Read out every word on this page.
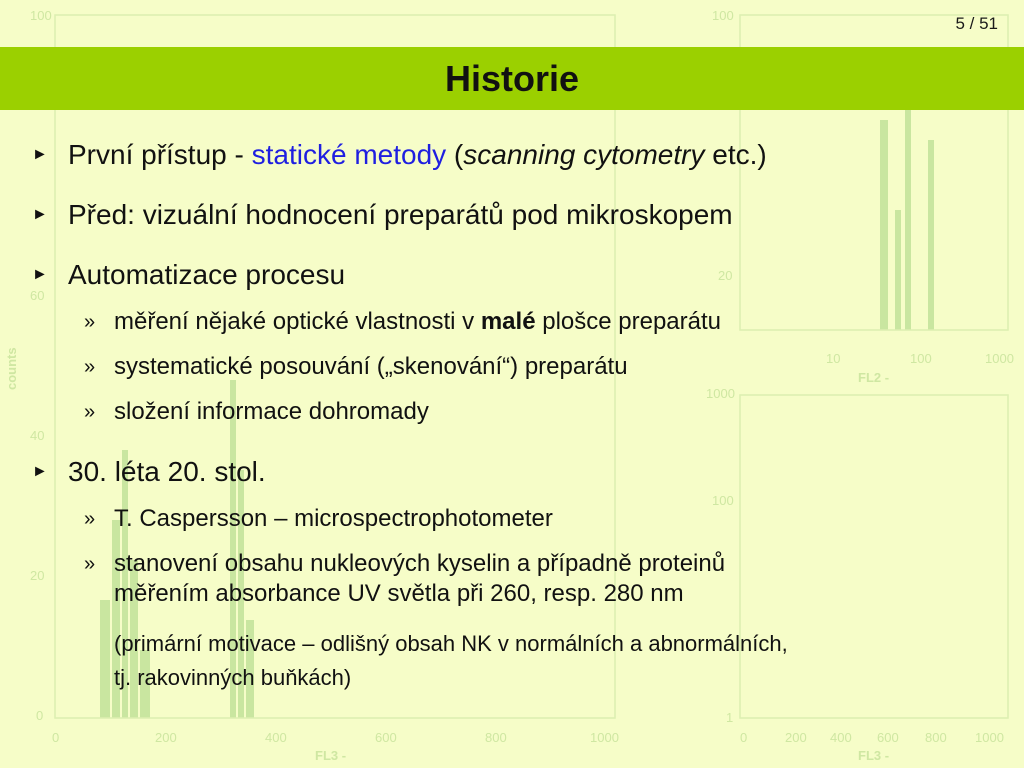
100
60
40
20
0
0	200	400	600	800	1000
FL3 -
counts
100
20
10	100	1000
FL2 -
1000
100
1
0	200 400 600 800 1000
FL3 -
5 / 51
Historie
► První přístup - statické metody (scanning cytometry etc.)
► Před: vizuální hodnocení preparátů pod mikroskopem
► Automatizace procesu
» měření nějaké optické vlastnosti v malé plošce preparátu
» systematické posouvání („skenování“) preparátu
» složení informace dohromady
► 30. léta 20. stol.
» T. Caspersson – microspectrophotometer
» stanovení obsahu nukleových kyselin a případně proteinů
měřením absorbance UV světla při 260, resp. 280 nm
(primární motivace – odlišný obsah NK v normálních a abnormálních,
tj. rakovinných buňkách)
